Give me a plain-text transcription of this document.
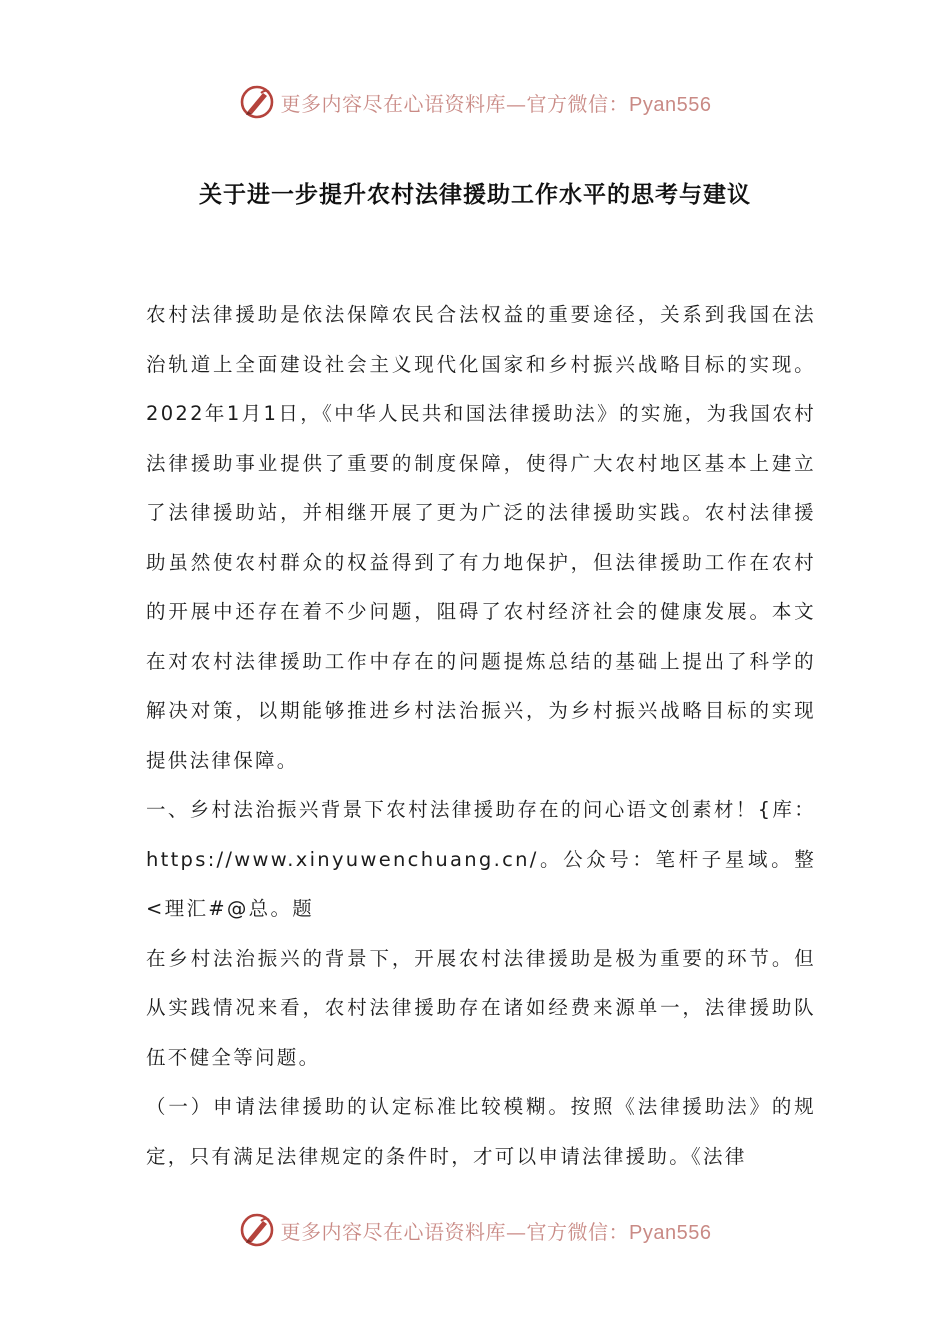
更多内容尽在心语资料库—官方微信：Pyan556
关于进一步提升农村法律援助工作水平的思考与建议

农村法律援助是依法保障农民合法权益的重要途径，关系到我国在法治轨道上全面建设社会主义现代化国家和乡村振兴战略目标的实现。2022年1月1日，《中华人民共和国法律援助法》的实施，为我国农村法律援助事业提供了重要的制度保障，使得广大农村地区基本上建立了法律援助站，并相继开展了更为广泛的法律援助实践。农村法律援助虽然使农村群众的权益得到了有力地保护，但法律援助工作在农村的开展中还存在着不少问题，阻碍了农村经济社会的健康发展。本文在对农村法律援助工作中存在的问题提炼总结的基础上提出了科学的解决对策，以期能够推进乡村法治振兴，为乡村振兴战略目标的实现提供法律保障。

一、乡村法治振兴背景下农村法律援助存在的问心语文创素材！{库：https://www.xinyuwenchuang.cn/。公众号：笔杆子星域。整<理汇#@总。题

在乡村法治振兴的背景下，开展农村法律援助是极为重要的环节。但从实践情况来看，农村法律援助存在诸如经费来源单一，法律援助队伍不健全等问题。

（一）申请法律援助的认定标准比较模糊。按照《法律援助法》的规定，只有满足法律规定的条件时，才可以申请法律援助。《法律

更多内容尽在心语资料库—官方微信：Pyan556
